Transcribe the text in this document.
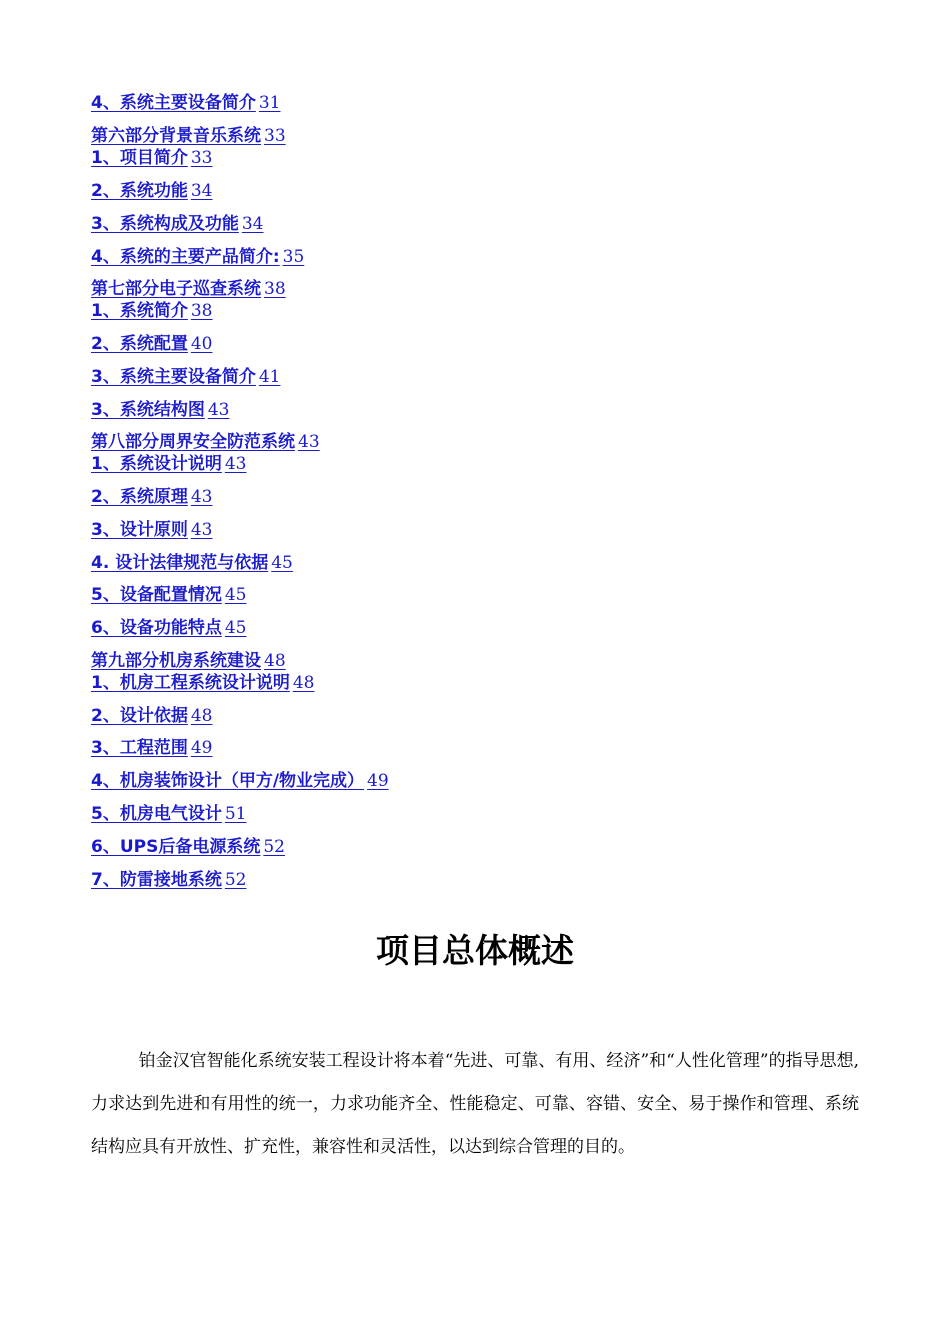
4、系统主要设备简介 31
第六部分背景音乐系统 33
1、项目简介 33
2、系统功能 34
3、系统构成及功能 34
4、系统的主要产品简介: 35
第七部分电子巡查系统 38
1、系统简介 38
2、系统配置 40
3、系统主要设备简介 41
3、系统结构图 43
第八部分周界安全防范系统 43
1、系统设计说明 43
2、系统原理 43
3、设计原则 43
4. 设计法律规范与依据 45
5、设备配置情况 45
6、设备功能特点 45
第九部分机房系统建设 48
1、机房工程系统设计说明 48
2、设计依据 48
3、工程范围 49
4、机房装饰设计（甲方/物业完成） 49
5、机房电气设计 51
6、UPS后备电源系统 52
7、防雷接地系统 52
项目总体概述

铂金汉官智能化系统安装工程设计将本着“先进、可靠、有用、经济”和“人性化管理”的指导思想,力求达到先进和有用性的统一，力求功能齐全、性能稳定、可靠、容错、安全、易于操作和管理、系统结构应具有开放性、扩充性，兼容性和灵活性，以达到综合管理的目的。
